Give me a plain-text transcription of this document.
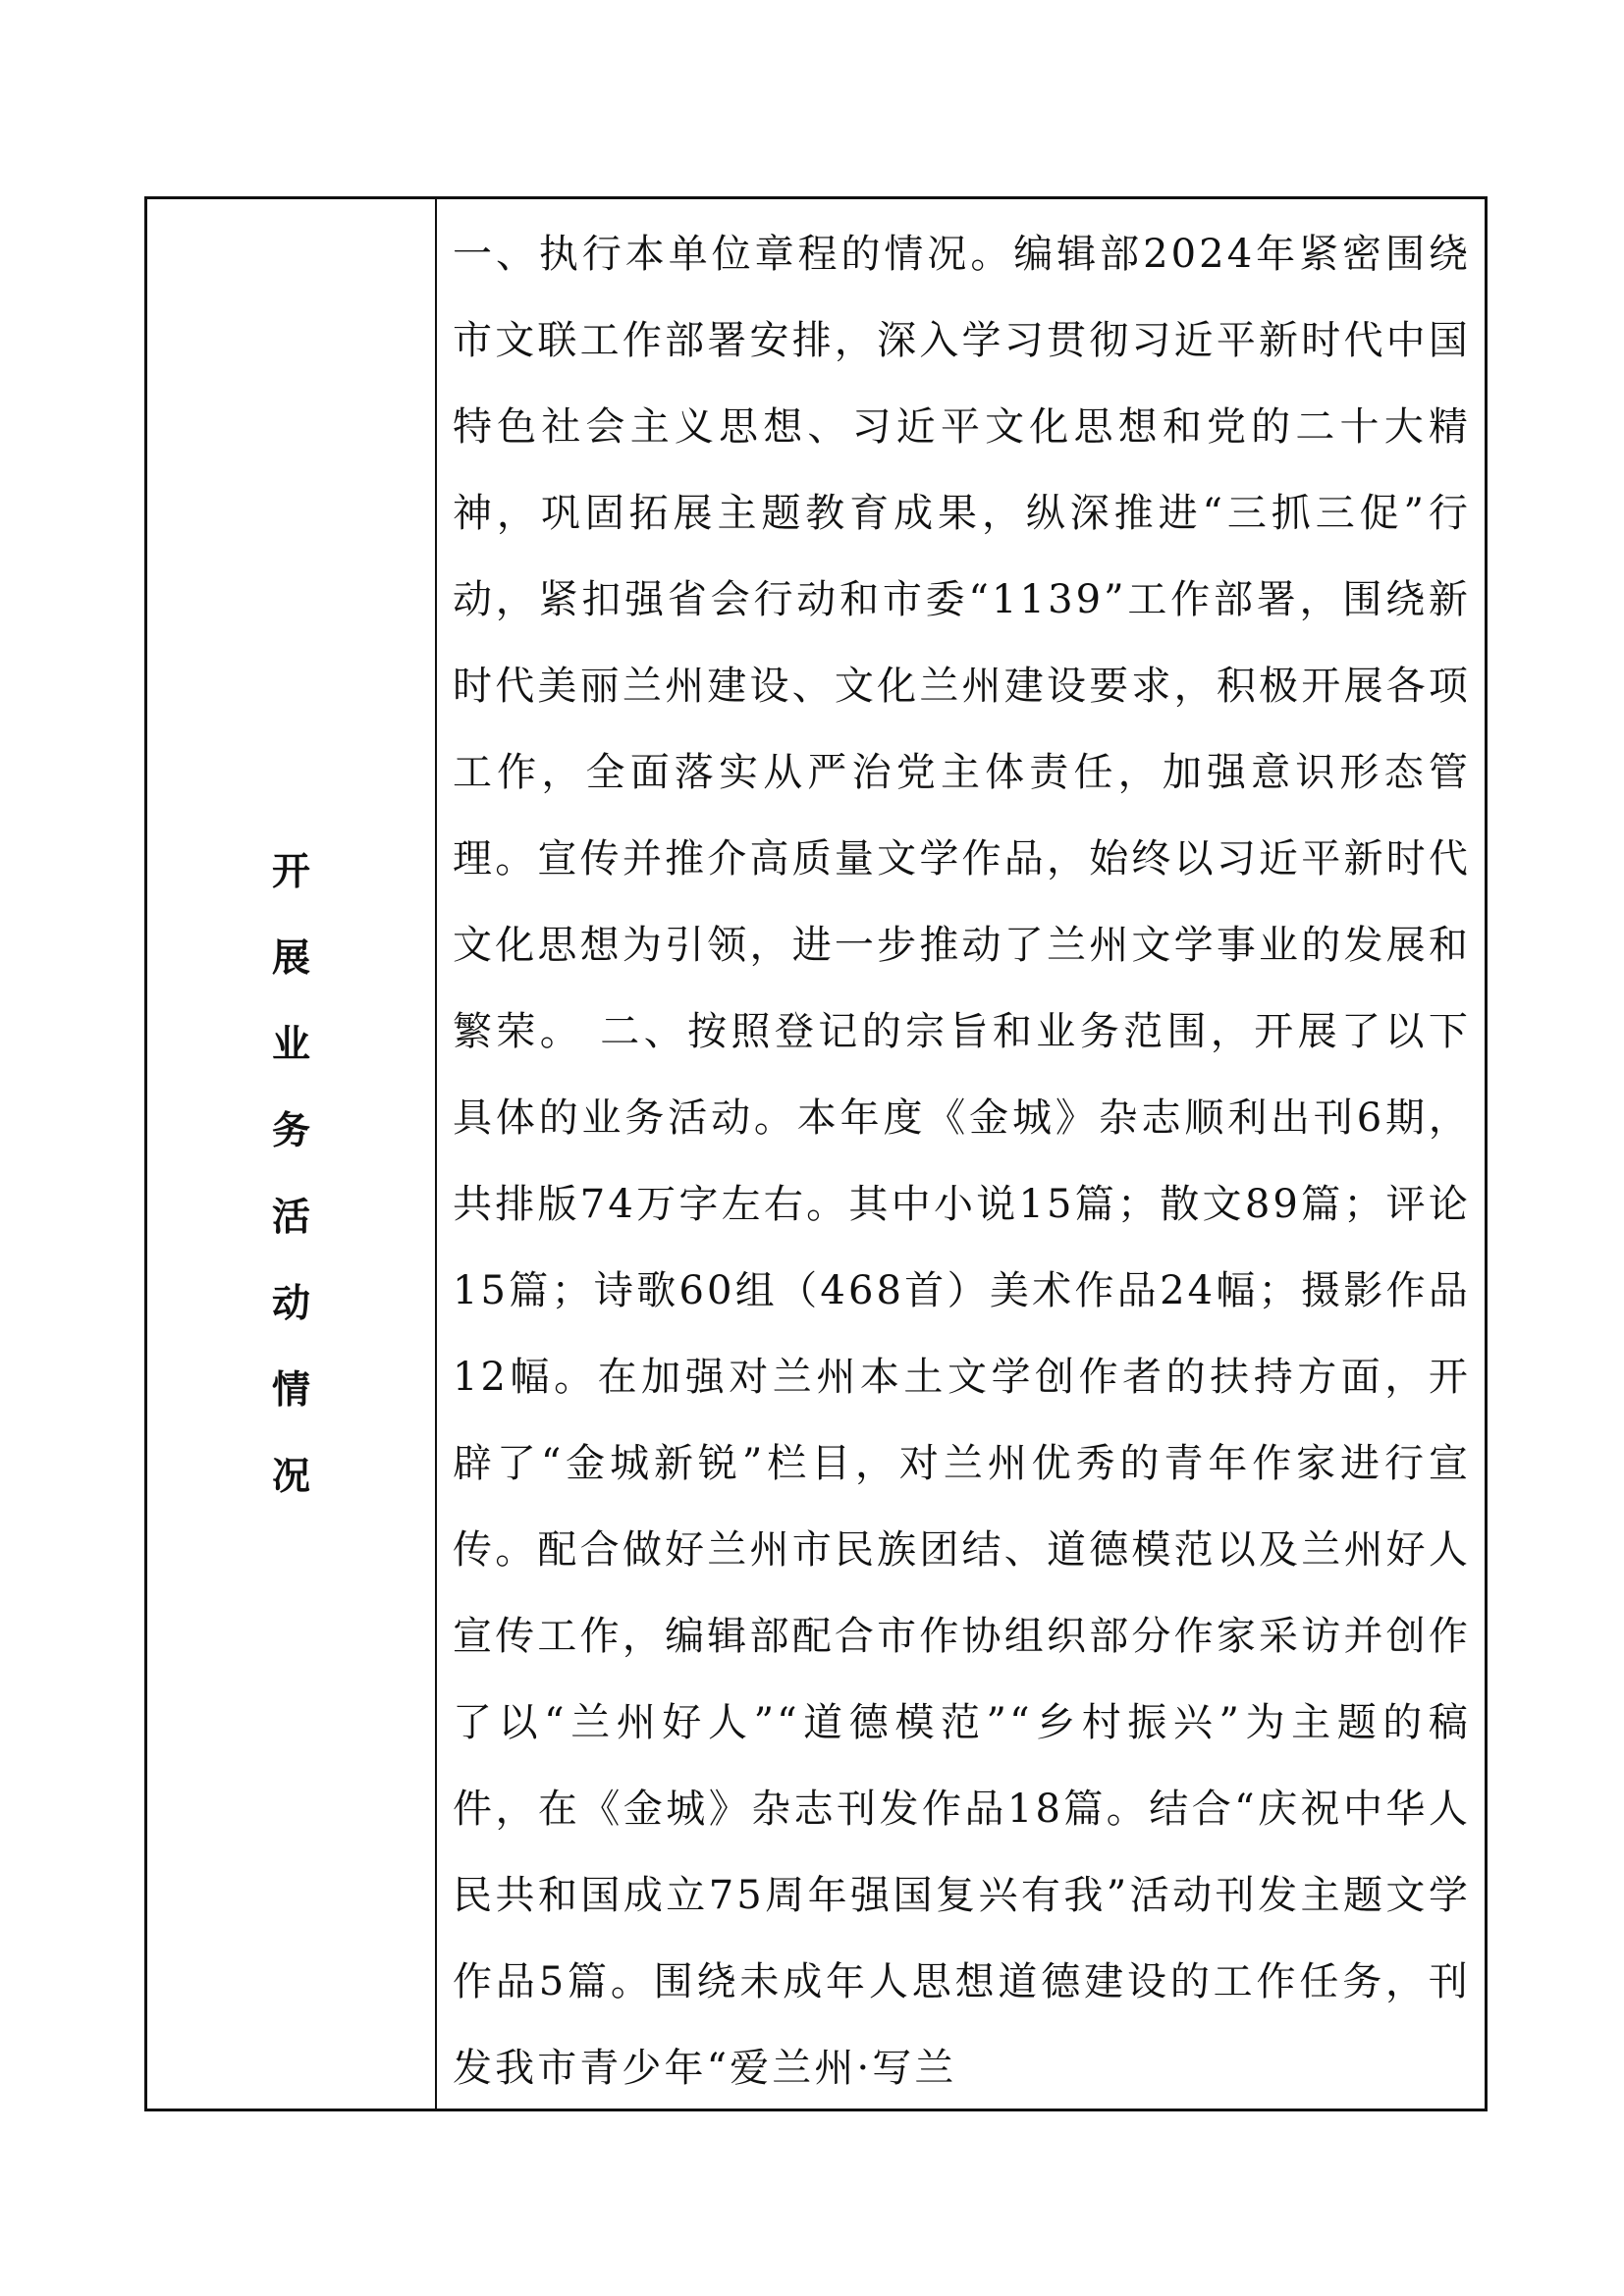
开
展
业
务
活
动
情
况

一、执行本单位章程的情况。编辑部2024年紧密围绕市文联工作部署安排，深入学习贯彻习近平新时代中国特色社会主义思想、习近平文化思想和党的二十大精神，巩固拓展主题教育成果，纵深推进“三抓三促”行动，紧扣强省会行动和市委“1139”工作部署，围绕新时代美丽兰州建设、文化兰州建设要求，积极开展各项工作，全面落实从严治党主体责任，加强意识形态管理。宣传并推介高质量文学作品，始终以习近平新时代文化思想为引领，进一步推动了兰州文学事业的发展和繁荣。 二、按照登记的宗旨和业务范围，开展了以下具体的业务活动。本年度《金城》杂志顺利出刊6期，共排版74万字左右。其中小说15篇；散文89篇；评论15篇；诗歌60组（468首）美术作品24幅；摄影作品12幅。在加强对兰州本土文学创作者的扶持方面，开辟了“金城新锐”栏目，对兰州优秀的青年作家进行宣传。配合做好兰州市民族团结、道德模范以及兰州好人宣传工作，编辑部配合市作协组织部分作家采访并创作了以“兰州好人”“道德模范”“乡村振兴”为主题的稿件，在《金城》杂志刊发作品18篇。结合“庆祝中华人民共和国成立75周年强国复兴有我”活动刊发主题文学作品5篇。围绕未成年人思想道德建设的工作任务，刊发我市青少年“爱兰州·写兰
